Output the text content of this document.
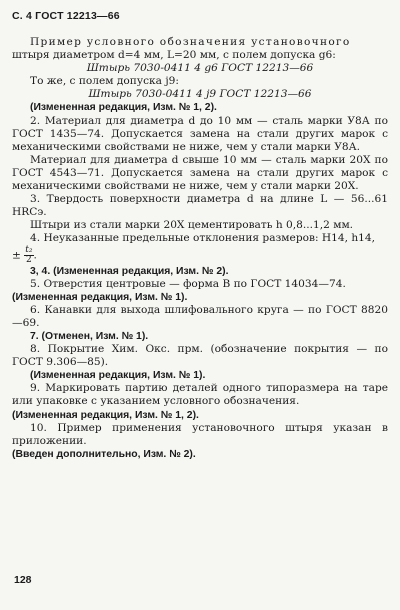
С. 4 ГОСТ 12213—66

Пример условного обозначения установочного

штыря диаметром d=4 мм, L=20 мм, с полем допуска g6:

Штырь 7030-0411 4 g6 ГОСТ 12213—66

То же, с полем допуска j9:

Штырь 7030-0411 4 j9 ГОСТ 12213—66

(Измененная редакция, Изм. № 1, 2).

2. Материал для диаметра d до 10 мм — сталь марки У8А по ГОСТ 1435—74. Допускается замена на стали других марок с механическими свойствами не ниже, чем у стали марки У8А.

Материал для диаметра d свыше 10 мм — сталь марки 20Х по ГОСТ 4543—71. Допускается замена на стали других марок с механическими свойствами не ниже, чем у стали марки 20Х.

3. Твердость поверхности диаметра d на длине L — 56...61 HRCэ.

Штыри из стали марки 20Х цементировать h 0,8...1,2 мм.

4. Неуказанные предельные отклонения размеров: H14, h14,

± $\frac{\text{t₂}}{2}$ .

3, 4. (Измененная редакция, Изм. № 2).

5. Отверстия центровые — форма В по ГОСТ 14034—74.

(Измененная редакция, Изм. № 1).

6. Канавки для выхода шлифовального круга — по ГОСТ 8820—69.

7. (Отменен, Изм. № 1).

8. Покрытие Хим. Окс. прм. (обозначение покрытия — по ГОСТ 9.306—85).

(Измененная редакция, Изм. № 1).

9. Маркировать партию деталей одного типоразмера на таре или упаковке с указанием условного обозначения.

(Измененная редакция, Изм. № 1, 2).

10. Пример применения установочного штыря указан в приложении.

(Введен дополнительно, Изм. № 2).

128
